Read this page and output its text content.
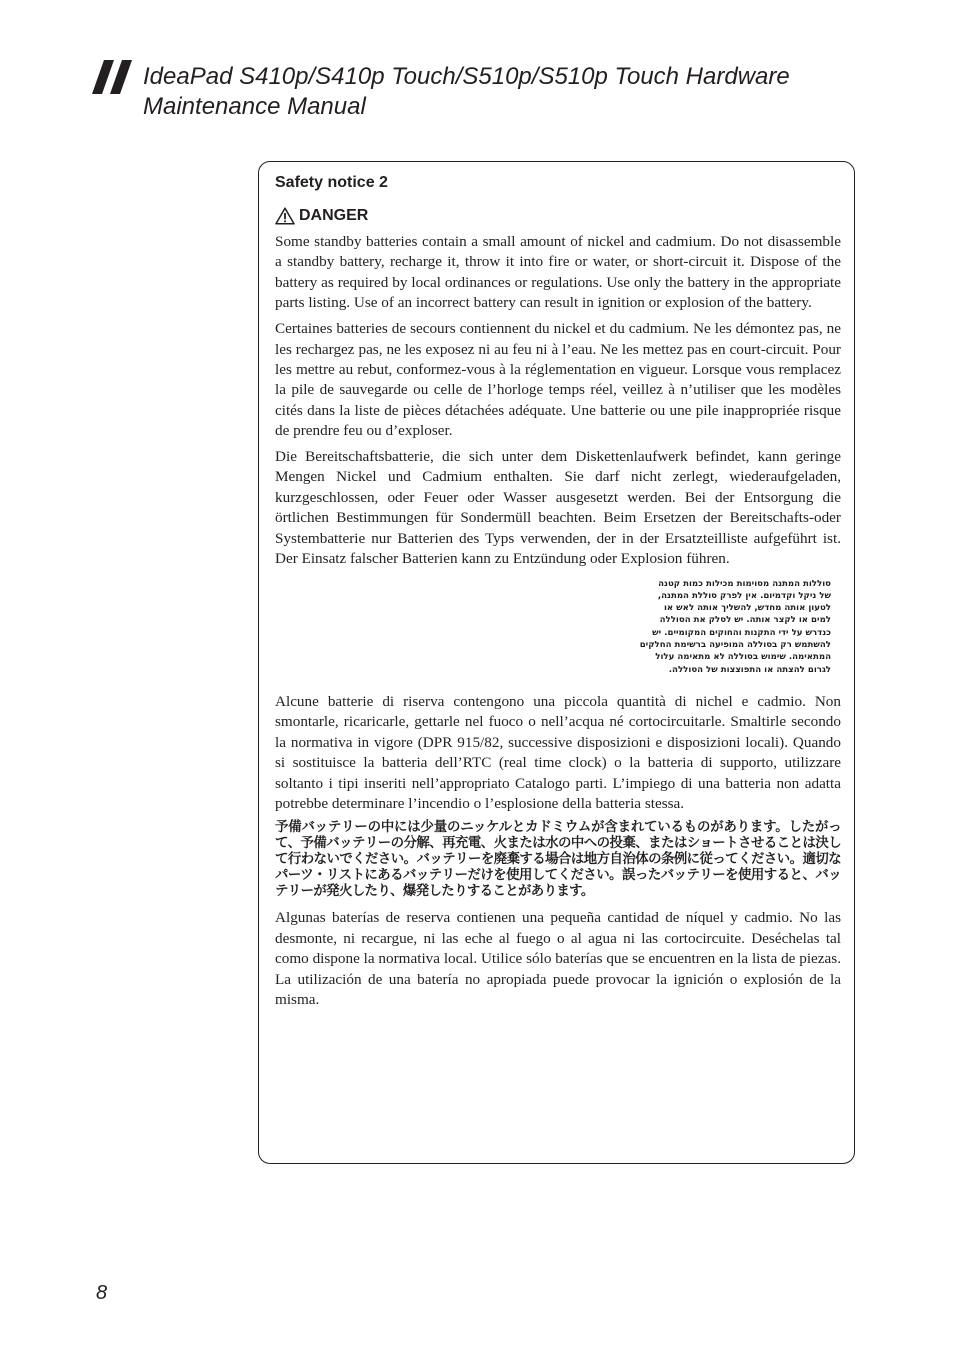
IdeaPad S410p/S410p Touch/S510p/S510p Touch Hardware Maintenance Manual
Safety notice 2
DANGER

Some standby batteries contain a small amount of nickel and cadmium. Do not disassemble a standby battery, recharge it, throw it into fire or water, or short-circuit it. Dispose of the battery as required by local ordinances or regulations. Use only the battery in the appropriate parts listing. Use of an incorrect battery can result in ignition or explosion of the battery.

Certaines batteries de secours contiennent du nickel et du cadmium. Ne les démontez pas, ne les rechargez pas, ne les exposez ni au feu ni à l’eau. Ne les mettez pas en court-circuit. Pour les mettre au rebut, conformez-vous à la réglementation en vigueur. Lorsque vous remplacez la pile de sauvegarde ou celle de l’horloge temps réel, veillez à n’utiliser que les modèles cités dans la liste de pièces détachées adéquate. Une batterie ou une pile inappropriée risque de prendre feu ou d’exploser.

Die Bereitschaftsbatterie, die sich unter dem Diskettenlaufwerk befindet, kann geringe Mengen Nickel und Cadmium enthalten. Sie darf nicht zerlegt, wiederaufgeladen, kurzgeschlossen, oder Feuer oder Wasser ausgesetzt werden. Bei der Entsorgung die örtlichen Bestimmungen für Sondermüll beachten. Beim Ersetzen der Bereitschafts-oder Systembatterie nur Batterien des Typs verwenden, der in der Ersatzteilliste aufgeführt ist. Der Einsatz falscher Batterien kann zu Entzündung oder Explosion führen.

סוללות המתנה מסוימות מכילות כמות קטנה
של ניקל וקדמיום. אין לפרק סוללת המתנה,
לטעון אותה מחדש, להשליך אותה לאש או
למים או לקצר אותה. יש לסלק את הסוללה
כנדרש על ידי התקנות והחוקים המקומיים. יש
להשתמש רק בסוללה המופיעה ברשימת החלקים
המתאימה. שימוש בסוללה לא מתאימה עלול
לגרום להצתה או התפוצצות של הסוללה.

Alcune batterie di riserva contengono una piccola quantità di nichel e cadmio. Non smontarle, ricaricarle, gettarle nel fuoco o nell’acqua né cortocircuitarle. Smaltirle secondo la normativa in vigore (DPR 915/82, successive disposizioni e disposizioni locali). Quando si sostituisce la batteria dell’RTC (real time clock) o la batteria di supporto, utilizzare soltanto i tipi inseriti nell’appropriato Catalogo parti. L’impiego di una batteria non adatta potrebbe determinare l’incendio o l’esplosione della batteria stessa.

予備バッテリーの中には少量のニッケルとカドミウムが含まれているものがあります。したがって、予備バッテリーの分解、再充電、火または水の中への投棄、またはショートさせることは決して行わないでください。バッテリーを廃棄する場合は地方自治体の条例に従ってください。適切なパーツ・リストにあるバッテリーだけを使用してください。誤ったバッテリーを使用すると、バッテリーが発火したり、爆発したりすることがあります。

Algunas baterías de reserva contienen una pequeña cantidad de níquel y cadmio. No las desmonte, ni recargue, ni las eche al fuego o al agua ni las cortocircuite. Deséchelas tal como dispone la normativa local. Utilice sólo baterías que se encuentren en la lista de piezas. La utilización de una batería no apropiada puede provocar la ignición o explosión de la misma.

8
